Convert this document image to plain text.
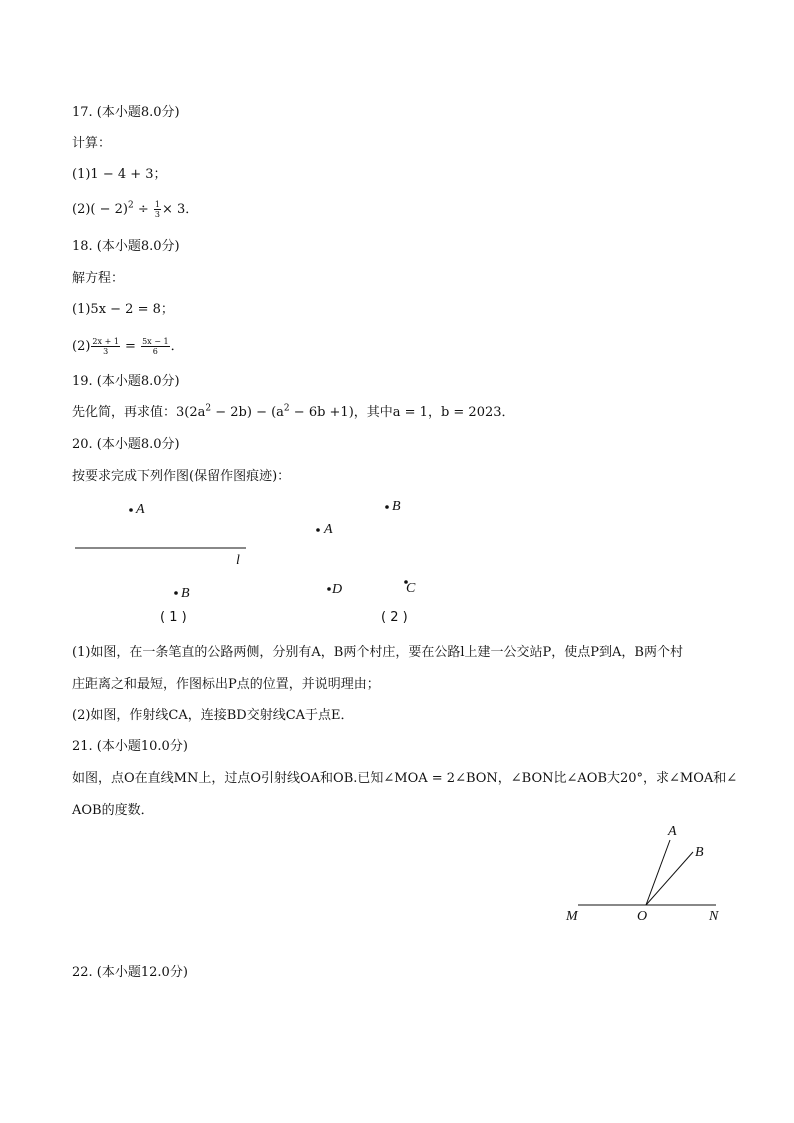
17. (本小题8.0分)
计算：
(1)1 − 4 + 3；
$(2)( - 2)^2 \div \frac{1}{3} \times 3$．
18. (本小题8.0分)
解方程：
(1)5x − 2 = 8；
$(2) \frac{2x + 1}{3} = \frac{5x - 1}{6}$ ．
19. (本小题8.0分)
先化简，再求值：$3(2a^2 - 2b) - (a^2 - 6b +1)$，其中a = 1，b = 2023．
20. (本小题8.0分)
按要求完成下列作图(保留作图痕迹)：
A
B
l
( 1 )
B
A
C
D
( 2 )
(1)如图，在一条笔直的公路两侧，分别有A，B两个村庄，要在公路l上建一公交站P，使点P到A，B两个村
庄距离之和最短，作图标出P点的位置，并说明理由；
(2)如图，作射线CA，连接BD交射线CA于点E．
21. (本小题10.0分)
如图，点O在直线MN上，过点O引射线OA和OB.已知∠MOA = 2∠BON，∠BON比∠AOB大20°，求∠MOA和∠
AOB的度数．
A
B
M	O	N
22. (本小题12.0分)
